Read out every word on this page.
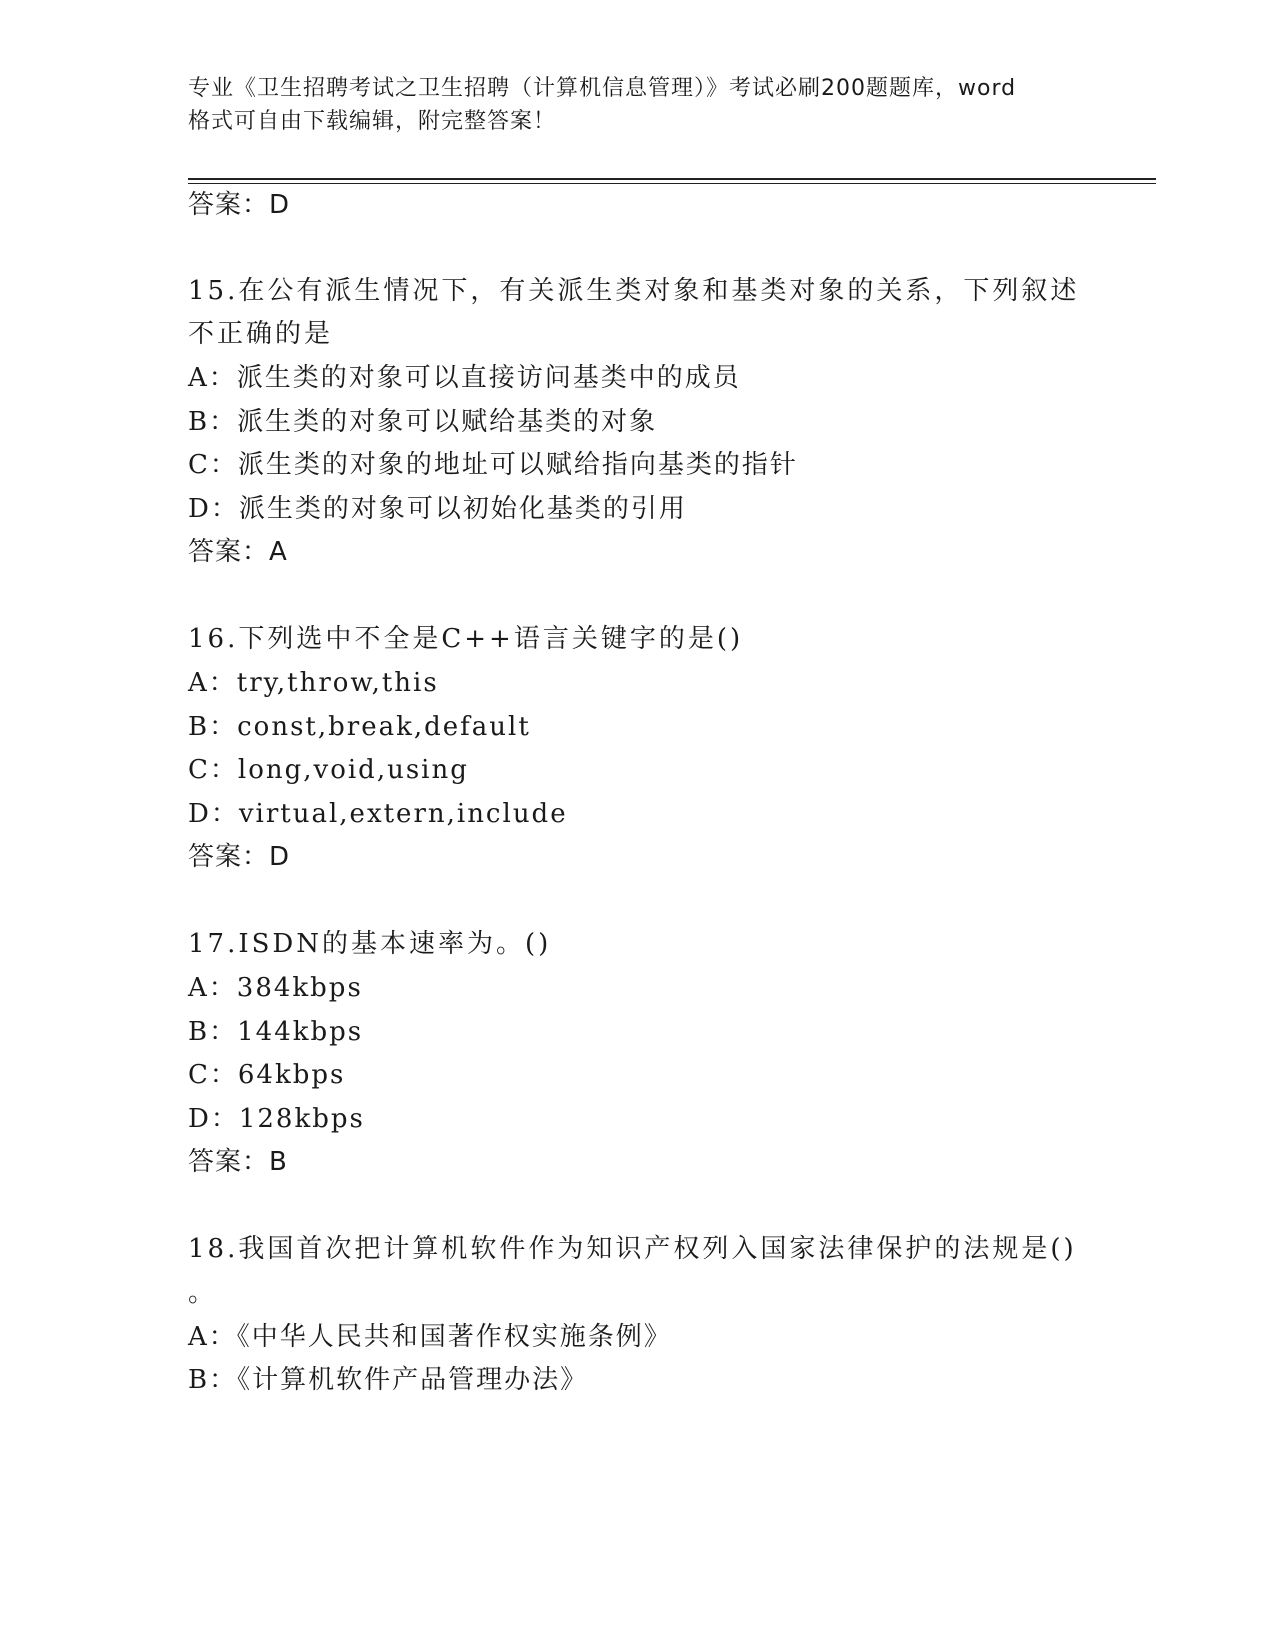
专业《卫生招聘考试之卫生招聘（计算机信息管理）》考试必刷200题题库，word
格式可自由下载编辑，附完整答案！
答案：D
15.在公有派生情况下，有关派生类对象和基类对象的关系，下列叙述
不正确的是
A：派生类的对象可以直接访问基类中的成员
B：派生类的对象可以赋给基类的对象
C：派生类的对象的地址可以赋给指向基类的指针
D：派生类的对象可以初始化基类的引用
答案：A
16.下列选中不全是C++语言关键字的是()
A：try,throw,this
B：const,break,default
C：long,void,using
D：virtual,extern,include
答案：D
17.ISDN的基本速率为。()
A：384kbps
B：144kbps
C：64kbps
D：128kbps
答案：B
18.我国首次把计算机软件作为知识产权列入国家法律保护的法规是()
。
A：《中华人民共和国著作权实施条例》
B：《计算机软件产品管理办法》
